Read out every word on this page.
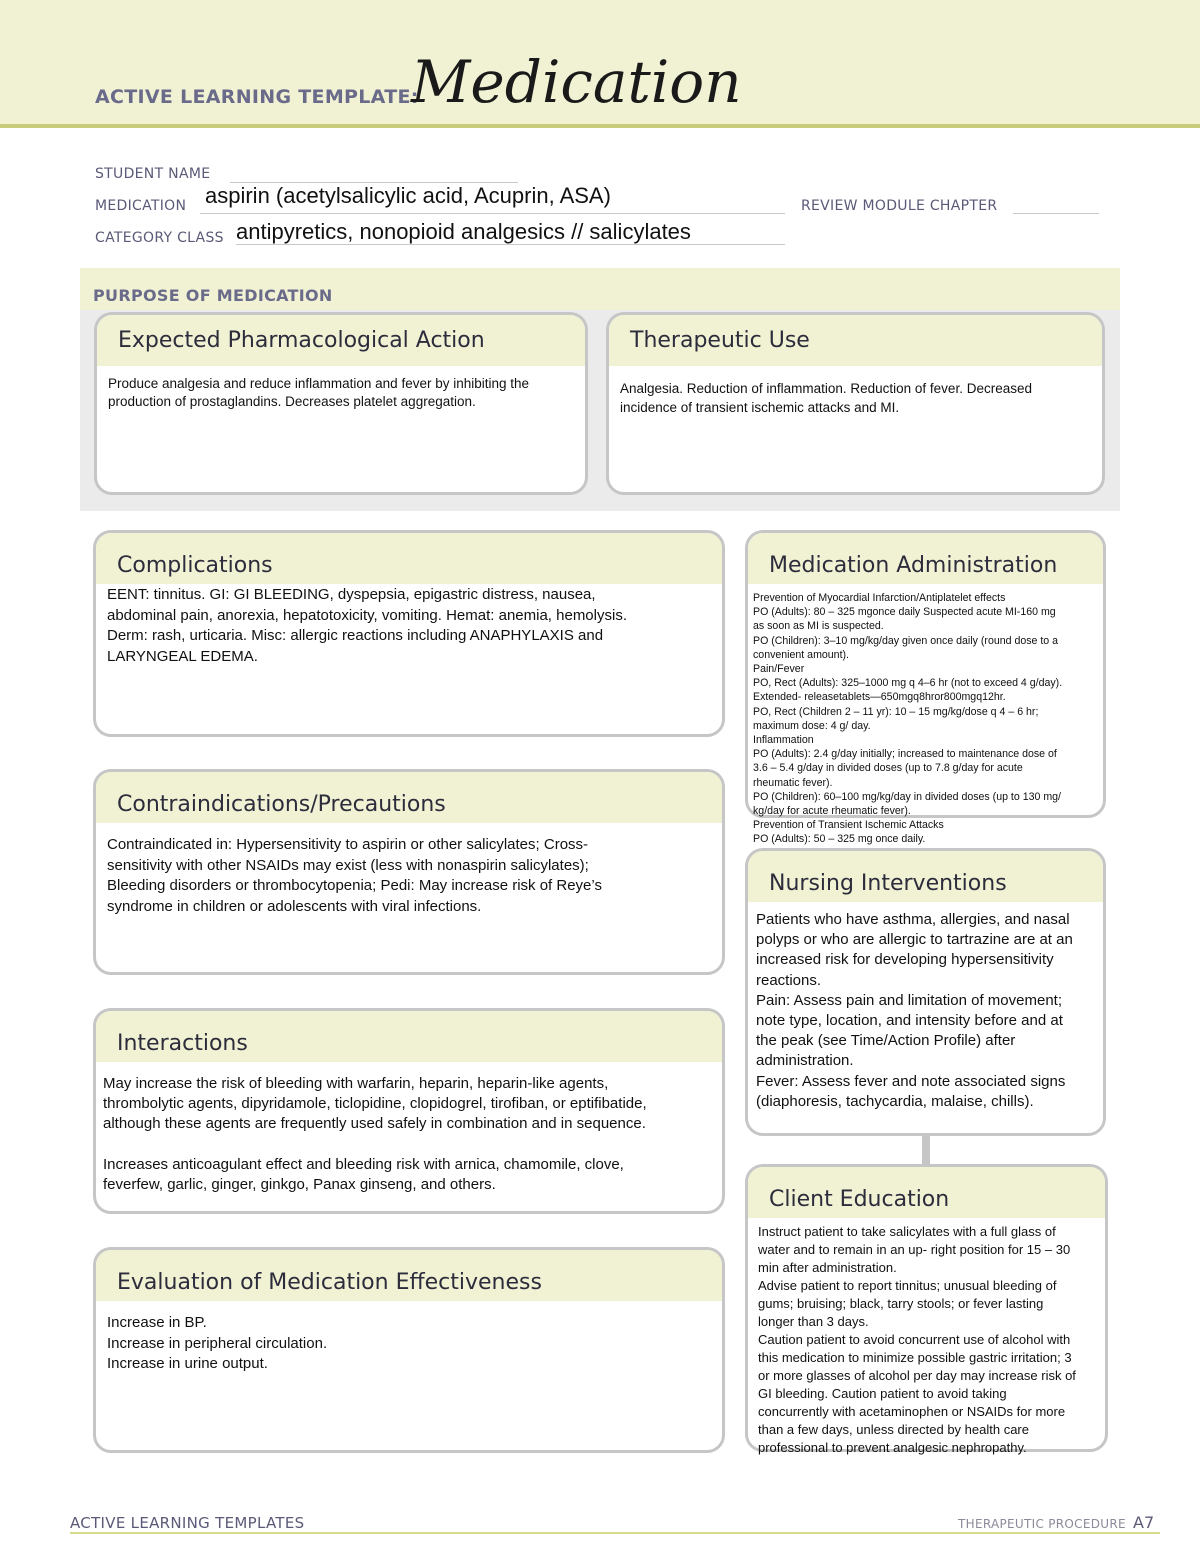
ACTIVE LEARNING TEMPLATE:
Medication
STUDENT NAME
MEDICATION aspirin (acetylsalicylic acid, Acuprin, ASA)	REVIEW MODULE CHAPTER
CATEGORY CLASS antipyretics, nonopioid analgesics // salicylates
PURPOSE OF MEDICATION
Expected Pharmacological Action
Produce analgesia and reduce inflammation and fever by inhibiting the
production of prostaglandins. Decreases platelet aggregation.
Therapeutic Use
Analgesia. Reduction of inflammation. Reduction of fever. Decreased
incidence of transient ischemic attacks and MI.
Complications
EENT: tinnitus. GI: GI BLEEDING, dyspepsia, epigastric distress, nausea,
abdominal pain, anorexia, hepatotoxicity, vomiting. Hemat: anemia, hemolysis.
Derm: rash, urticaria. Misc: allergic reactions including ANAPHYLAXIS and
LARYNGEAL EDEMA.
Medication Administration
Prevention of Myocardial Infarction/Antiplatelet effects
PO (Adults): 80 – 325 mgonce daily Suspected acute MI-160 mg
as soon as MI is suspected.
PO (Children): 3–10 mg/kg/day given once daily (round dose to a
convenient amount).
Pain/Fever
PO, Rect (Adults): 325–1000 mg q 4–6 hr (not to exceed 4 g/day).
Extended- releasetablets—650mgq8hror800mgq12hr.
PO, Rect (Children 2 – 11 yr): 10 – 15 mg/kg/dose q 4 – 6 hr;
maximum dose: 4 g/ day.
Inflammation
PO (Adults): 2.4 g/day initially; increased to maintenance dose of
3.6 – 5.4 g/day in divided doses (up to 7.8 g/day for acute
rheumatic fever).
PO (Children): 60–100 mg/kg/day in divided doses (up to 130 mg/
kg/day for acute rheumatic fever).
Prevention of Transient Ischemic Attacks
PO (Adults): 50 – 325 mg once daily.
Contraindications/Precautions
Contraindicated in: Hypersensitivity to aspirin or other salicylates; Cross-
sensitivity with other NSAIDs may exist (less with nonaspirin salicylates);
Bleeding disorders or thrombocytopenia; Pedi: May increase risk of Reye’s
syndrome in children or adolescents with viral infections.
Nursing Interventions
Patients who have asthma, allergies, and nasal
polyps or who are allergic to tartrazine are at an
increased risk for developing hypersensitivity
reactions.
Pain: Assess pain and limitation of movement;
note type, location, and intensity before and at
the peak (see Time/Action Profile) after
administration.
Fever: Assess fever and note associated signs
(diaphoresis, tachycardia, malaise, chills).
Interactions
May increase the risk of bleeding with warfarin, heparin, heparin-like agents,
thrombolytic agents, dipyridamole, ticlopidine, clopidogrel, tirofiban, or eptifibatide,
although these agents are frequently used safely in combination and in sequence.

Increases anticoagulant effect and bleeding risk with arnica, chamomile, clove,
feverfew, garlic, ginger, ginkgo, Panax ginseng, and others.
Client Education
Instruct patient to take salicylates with a full glass of
water and to remain in an up- right position for 15 – 30
min after administration.
Advise patient to report tinnitus; unusual bleeding of
gums; bruising; black, tarry stools; or fever lasting
longer than 3 days.
Caution patient to avoid concurrent use of alcohol with
this medication to minimize possible gastric irritation; 3
or more glasses of alcohol per day may increase risk of
GI bleeding. Caution patient to avoid taking
concurrently with acetaminophen or NSAIDs for more
than a few days, unless directed by health care
professional to prevent analgesic nephropathy.
Evaluation of Medication Effectiveness
Increase in BP.
Increase in peripheral circulation.
Increase in urine output.
ACTIVE LEARNING TEMPLATES	THERAPEUTIC PROCEDURE A7
